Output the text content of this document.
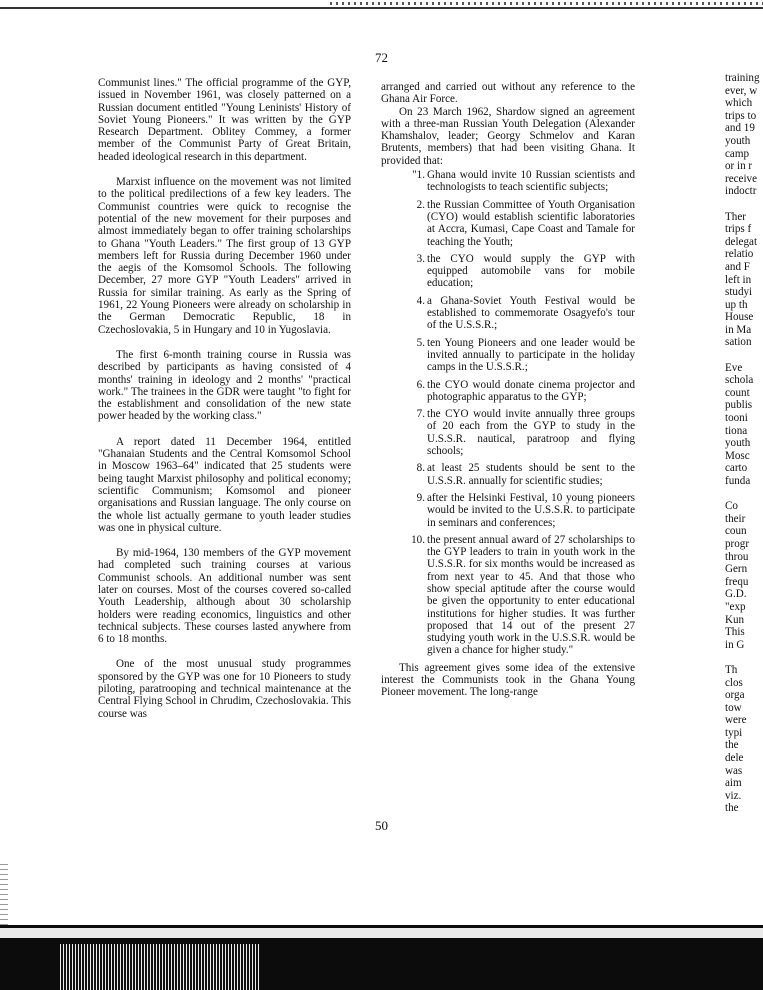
72

Communist lines." The official programme of the GYP, issued in November 1961, was closely patterned on a Russian document entitled "Young Leninists' History of Soviet Young Pioneers." It was written by the GYP Research Department. Oblitey Commey, a former member of the Communist Party of Great Britain, headed ideological research in this department.

Marxist influence on the movement was not limited to the political predilections of a few key leaders. The Communist countries were quick to recognise the potential of the new movement for their purposes and almost immediately began to offer training scholarships to Ghana "Youth Leaders." The first group of 13 GYP members left for Russia during December 1960 under the aegis of the Komsomol Schools. The following December, 27 more GYP "Youth Leaders" arrived in Russia for similar training. As early as the Spring of 1961, 22 Young Pioneers were already on scholarship in the German Democratic Republic, 18 in Czechoslovakia, 5 in Hungary and 10 in Yugoslavia.

The first 6-month training course in Russia was described by participants as having consisted of 4 months' training in ideology and 2 months' "practical work." The trainees in the GDR were taught "to fight for the establishment and consolidation of the new state power headed by the working class."

A report dated 11 December 1964, entitled "Ghanaian Students and the Central Komsomol School in Moscow 1963–64" indicated that 25 students were being taught Marxist philosophy and political economy; scientific Communism; Komsomol and pioneer organisations and Russian language. The only course on the whole list actually germane to youth leader studies was one in physical culture.

By mid-1964, 130 members of the GYP movement had completed such training courses at various Communist schools. An additional number was sent later on courses. Most of the courses covered so-called Youth Leadership, although about 30 scholarship holders were reading economics, linguistics and other technical subjects. These courses lasted anywhere from 6 to 18 months.

One of the most unusual study programmes sponsored by the GYP was one for 10 Pioneers to study piloting, paratrooping and technical maintenance at the Central Flying School in Chrudim, Czechoslovakia. This course was

arranged and carried out without any reference to the Ghana Air Force.

On 23 March 1962, Shardow signed an agreement with a three-man Russian Youth Delegation (Alexander Khamshalov, leader; Georgy Schmelov and Karan Brutents, members) that had been visiting Ghana. It provided that:

"1. Ghana would invite 10 Russian scientists and technologists to teach scientific subjects;
2. the Russian Committee of Youth Organisation (CYO) would establish scientific laboratories at Accra, Kumasi, Cape Coast and Tamale for teaching the Youth;
3. the CYO would supply the GYP with equipped automobile vans for mobile education;
4. a Ghana-Soviet Youth Festival would be established to commemorate Osagyefo's tour of the U.S.S.R.;
5. ten Young Pioneers and one leader would be invited annually to participate in the holiday camps in the U.S.S.R.;
6. the CYO would donate cinema projector and photographic apparatus to the GYP;
7. the CYO would invite annually three groups of 20 each from the GYP to study in the U.S.S.R. nautical, paratroop and flying schools;
8. at least 25 students should be sent to the U.S.S.R. annually for scientific studies;
9. after the Helsinki Festival, 10 young pioneers would be invited to the U.S.S.R. to participate in seminars and conferences;
10. the present annual award of 27 scholarships to the GYP leaders to train in youth work in the U.S.S.R. for six months would be increased as from next year to 45. And that those who show special aptitude after the course would be given the opportunity to enter educational institutions for higher studies. It was further proposed that 14 out of the present 27 studying youth work in the U.S.S.R. would be given a chance for higher study."

This agreement gives some idea of the extensive interest the Communists took in the Ghana Young Pioneer movement. The long-range

training
ever, w
which
trips to
and 19
youth
camp
or in r
receive
indoctr
Ther
trips f
delegat
relatio
and F
left in
studyi
up th
House
in Ma
sation
Eve
schola
count
publis
tooni
tiona
youth
Mosc
carto
funda
Co
their
coun
progr
throu
Gern
frequ
G.D.
"exp
Kun
This
in G
Th
clos
orga
tow
were
typi
the
dele
was
aim
viz.
the
50
